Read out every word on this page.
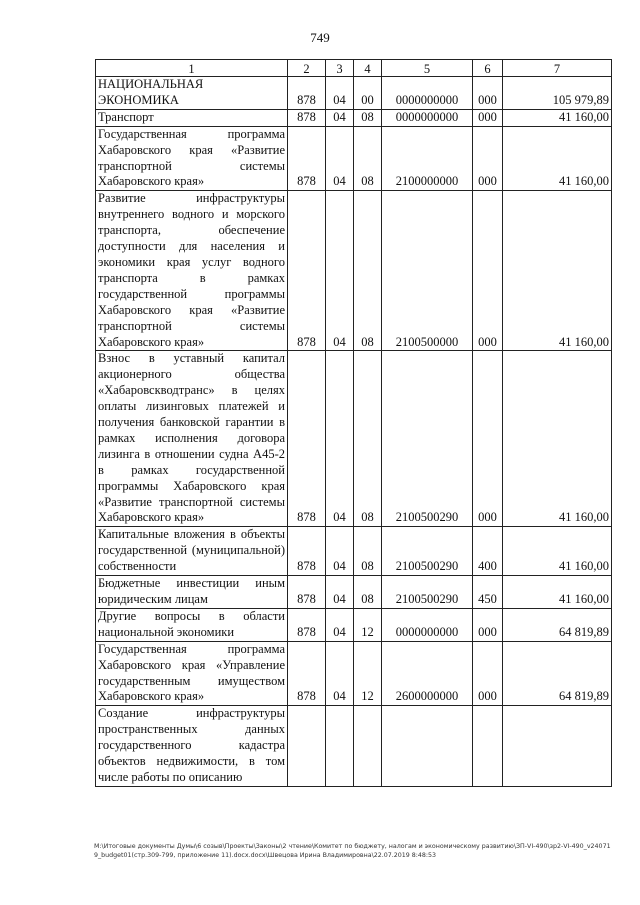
749
1	2	3	4	5	6	7
НАЦИОНАЛЬНАЯ ЭКОНОМИКА	878	04	00	0000000000	000	105 979,89
Транспорт	878	04	08	0000000000	000	41 160,00
Государственная программа Хабаровского края «Развитие транспортной системы Хабаровского края»	878	04	08	2100000000	000	41 160,00
Развитие инфраструктуры внутреннего водного и морского транспорта, обеспечение доступности для населения и экономики края услуг водного транспорта в рамках государственной программы Хабаровского края «Развитие транспортной системы Хабаровского края»	878	04	08	2100500000	000	41 160,00
Взнос в уставный капитал акционерного общества «Хабаровскводтранс» в целях оплаты лизинговых платежей и получения банковской гарантии в рамках исполнения договора лизинга в отношении судна А45-2 в рамках государственной программы Хабаровского края «Развитие транспортной системы Хабаровского края»	878	04	08	2100500290	000	41 160,00
Капитальные вложения в объекты государственной (муниципальной) собственности	878	04	08	2100500290	400	41 160,00
Бюджетные инвестиции иным юридическим лицам	878	04	08	2100500290	450	41 160,00
Другие вопросы в области национальной экономики	878	04	12	0000000000	000	64 819,89
Государственная программа Хабаровского края «Управление государственным имуществом Хабаровского края»	878	04	12	2600000000	000	64 819,89
Создание инфраструктуры пространственных данных государственного кадастра объектов недвижимости, в том числе работы по описанию						
M:\Итоговые документы Думы\6 созыв\Проекты\Законы\2 чтение\Комитет по бюджету, налогам и экономическому развитию\ЗП-VI-490\зр2-VI-490_v240719_budget01(стр.309-799, приложение 11).docx.docx\Швецова Ирина Владимировна\22.07.2019 8:48:53
